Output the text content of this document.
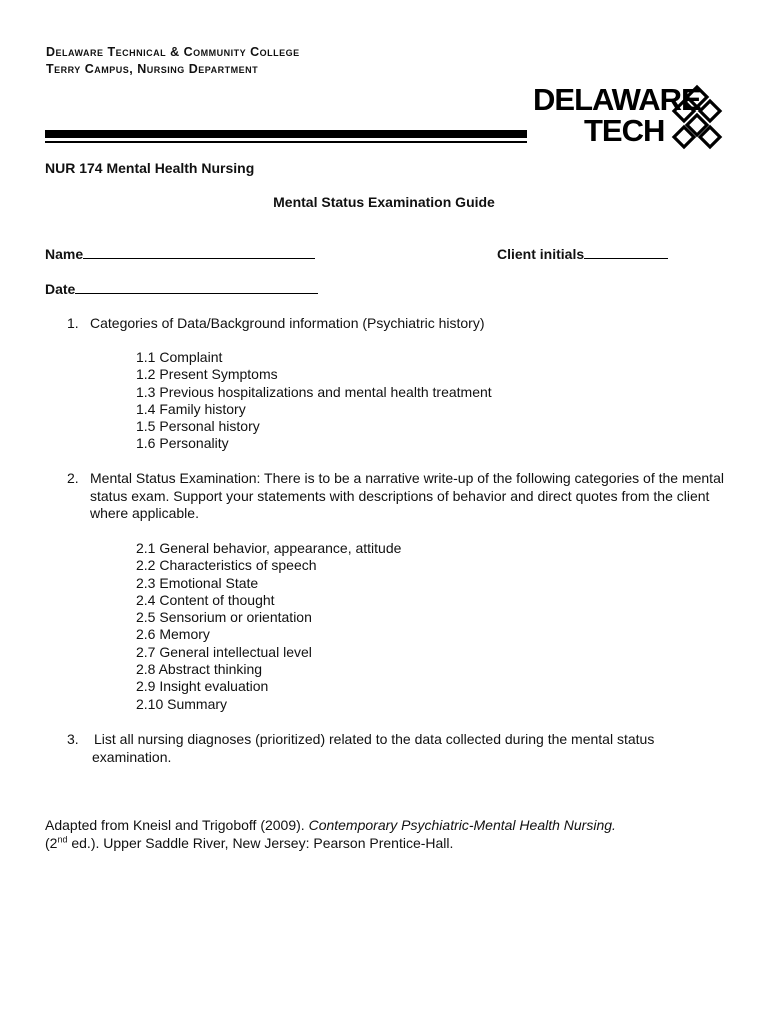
Delaware Technical & Community College
Terry Campus, Nursing Department
DELAWARE
TECH
NUR 174 Mental Health Nursing
Mental Status Examination Guide
Name	Client initials
Date
1. Categories of Data/Background information (Psychiatric history)
1.1 Complaint
1.2 Present Symptoms
1.3 Previous hospitalizations and mental health treatment
1.4 Family history
1.5 Personal history
1.6 Personality
2. Mental Status Examination: There is to be a narrative write-up of the following categories of the mental status exam. Support your statements with descriptions of behavior and direct quotes from the client where applicable.
2.1 General behavior, appearance, attitude
2.2 Characteristics of speech
2.3 Emotional State
2.4 Content of thought
2.5 Sensorium or orientation
2.6 Memory
2.7 General intellectual level
2.8 Abstract thinking
2.9 Insight evaluation
2.10 Summary
3. List all nursing diagnoses (prioritized) related to the data collected during the mental status examination.
Adapted from Kneisl and Trigoboff (2009). Contemporary Psychiatric-Mental Health Nursing.
(2nd ed.). Upper Saddle River, New Jersey: Pearson Prentice-Hall.
